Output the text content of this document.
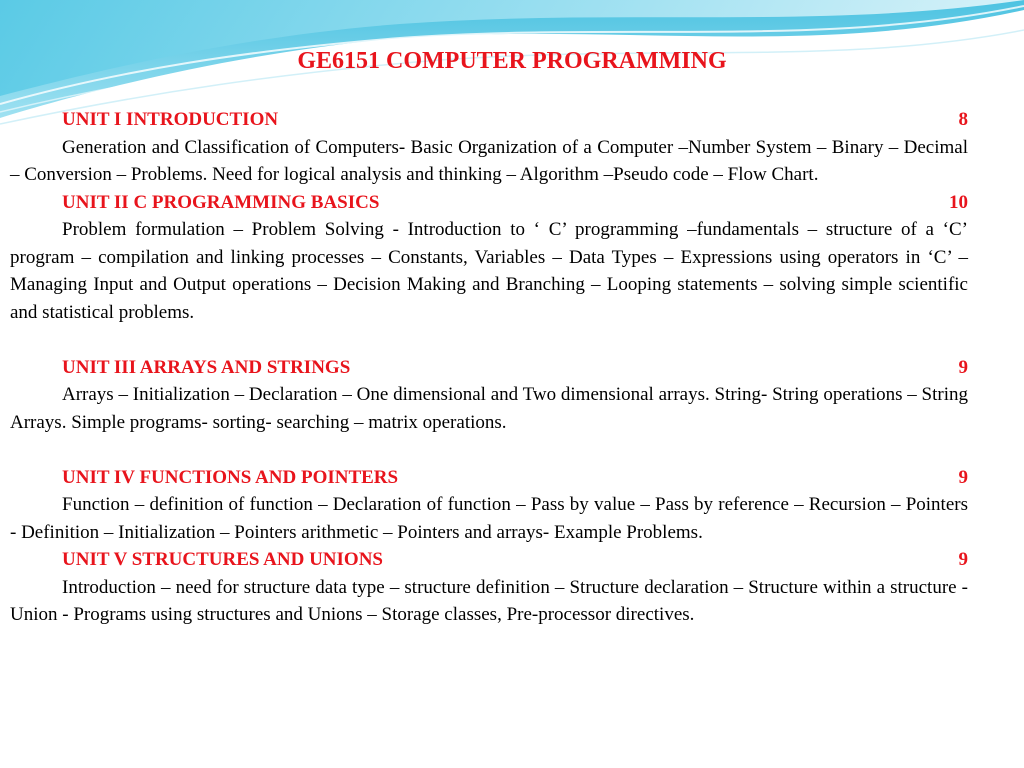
GE6151 COMPUTER PROGRAMMING
UNIT I INTRODUCTION	8
Generation and Classification of Computers- Basic Organization of a Computer –Number System – Binary – Decimal – Conversion – Problems. Need for logical analysis and thinking – Algorithm –Pseudo code – Flow Chart.
UNIT II C PROGRAMMING BASICS	10
Problem formulation – Problem Solving - Introduction to ‘ C’ programming –fundamentals – structure of a ‘C’ program – compilation and linking processes – Constants, Variables – Data Types – Expressions using operators in ‘C’ – Managing Input and Output operations – Decision Making and Branching – Looping statements – solving simple scientific and statistical problems.
UNIT III ARRAYS AND STRINGS	9
Arrays – Initialization – Declaration – One dimensional and Two dimensional arrays. String- String operations – String Arrays. Simple programs- sorting- searching – matrix operations.
UNIT IV FUNCTIONS AND POINTERS	9
Function – definition of function – Declaration of function – Pass by value – Pass by reference – Recursion – Pointers - Definition – Initialization – Pointers arithmetic – Pointers and arrays- Example Problems.
UNIT V STRUCTURES AND UNIONS	9
Introduction – need for structure data type – structure definition – Structure declaration – Structure within a structure - Union - Programs using structures and Unions – Storage classes, Pre-processor directives.
